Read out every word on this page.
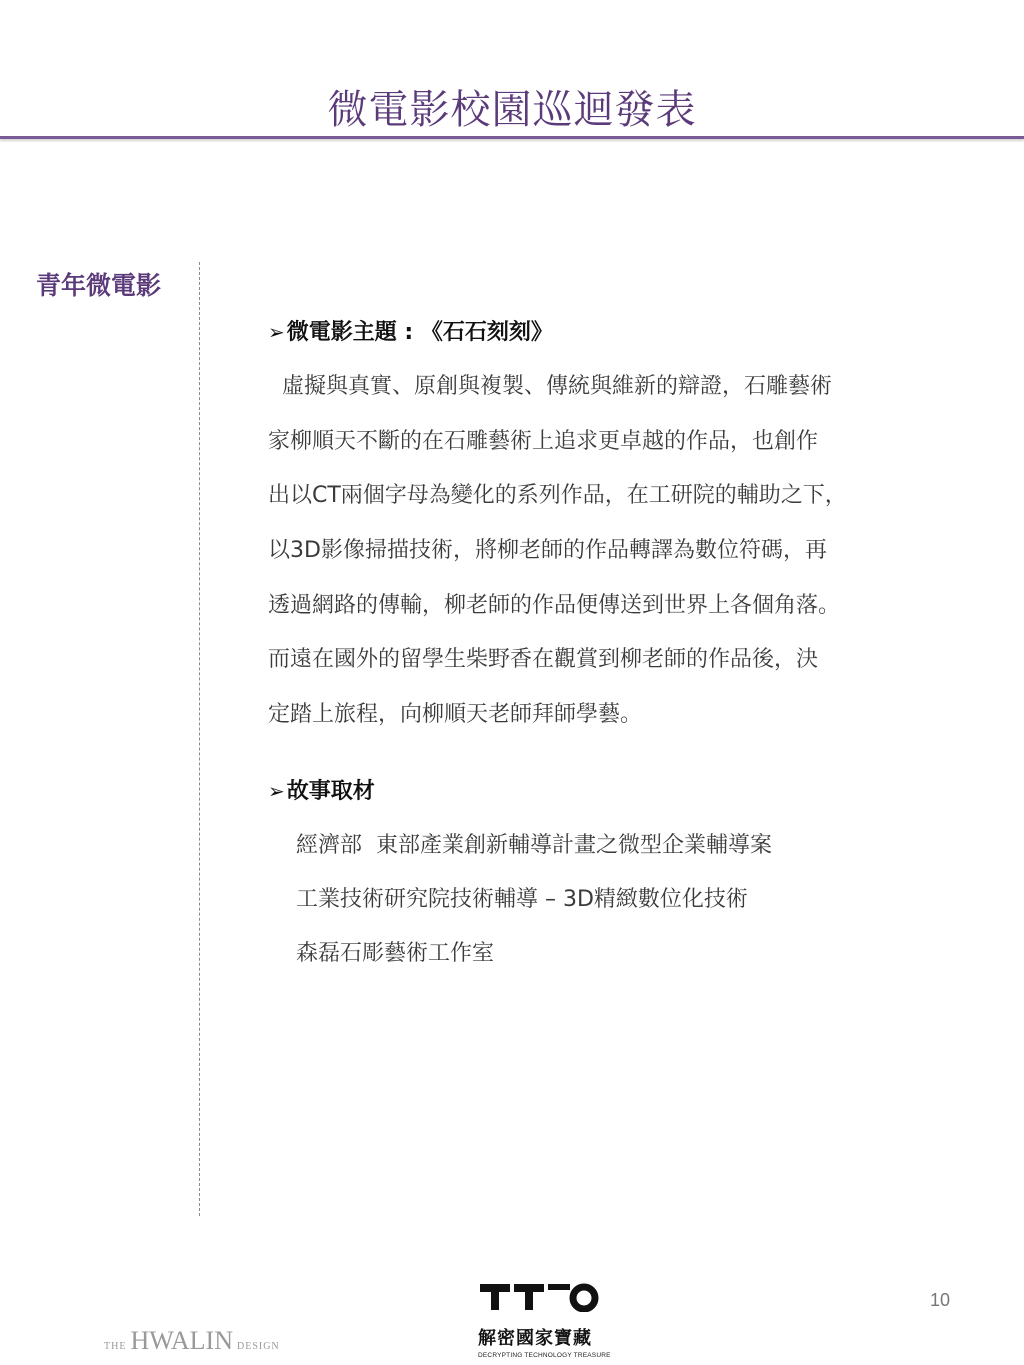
微電影校園巡迴發表
青年微電影
➢微電影主題 : 《石石刻刻》
虛擬與真實、原創與複製、傳統與維新的辯證，石雕藝術
家柳順天不斷的在石雕藝術上追求更卓越的作品，也創作
出以CT兩個字母為變化的系列作品，在工研院的輔助之下，
以3D影像掃描技術，將柳老師的作品轉譯為數位符碼，再
透過網路的傳輸，柳老師的作品便傳送到世界上各個角落。
而遠在國外的留學生柴野香在觀賞到柳老師的作品後，決
定踏上旅程，向柳順天老師拜師學藝。
➢故事取材
經濟部  東部產業創新輔導計畫之微型企業輔導案
工業技術研究院技術輔導 – 3D精緻數位化技術
森磊石彫藝術工作室
10
THE HWALIN DESIGN	解密國家寶藏
DECRYPTING TECHNOLOGY TREASURE
